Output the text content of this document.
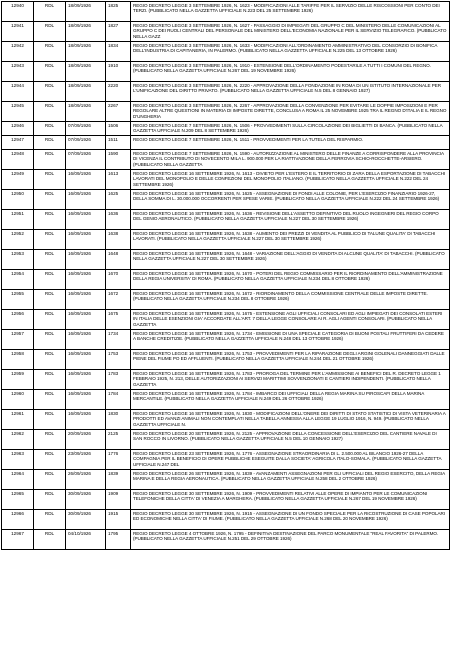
12940	RDL	18/09/1926	1825	REGIO DECRETO LEGGE 3 SETTEMBRE 1926, N. 1623 - MODIFICAZIONI ALLE TARIFFE PER IL SERVIZIO DELLE RISCOSSIONI PER CONTO DEI TERZI. (PUBBLICATO NELLA GAZZETTA UFFICIALE N.223 DEL 25 SETTEMBRE 1926)
12941	RDL	18/09/1926	1827	REGIO DECRETO LEGGE 3 SETTEMBRE 1926, N. 1627 - PASSAGGIO DI IMPIEGATI DEL GRUPPO C DEL MINISTERO DELLE COMUNICAZIONI AL GRUPPO C DEI RUOLI CENTRALI DEL PERSONALE DEL MINISTERO DELL'ECONOMIA NAZIONALE PER IL SERVIZIO TELEGRAFICO. (PUBBLICATO NELLA GAZZ
12942	RDL	18/09/1926	1834	REGIO DECRETO LEGGE 3 SETTEMBRE 1926, N. 1633 - MODIFICAZIONI ALL'ORDINAMENTO AMMINISTRATIVO DEL CONSORZIO DI BONIFICA DELL'INDUSTRIA DI CAPITANERIA, IN PALERMO. (PUBBLICATO NELLA GAZZETTA UFFICIALE N.225 DEL 13 OTTOBRE 1926)
12943	RDL	18/09/1926	1910	REGIO DECRETO LEGGE 3 SETTEMBRE 1926, N. 1910 - ESTENSIONE DELL'ORDINAMENTO PODESTARILE A TUTTI I COMUNI DEL REGNO. (PUBBLICATO NELLA GAZZETTA UFFICIALE N.267 DEL 19 NOVEMBRE 1926)
12944	RDL	18/09/1926	2220	REGIO DECRETO LEGGE 3 SETTEMBRE 1926, N. 2220 - APPROVAZIONE DELLA FONDAZIONE IN ROMA DI UN ISTITUTO INTERNAZIONALE PER L'UNIFICAZIONE DEL DIRITTO PRIVATO. (PUBBLICATO NELLA GAZZETTA UFFICIALE N.5 DEL 8 GENNAIO 1927)
12945	RDL	18/09/1926	2267	REGIO DECRETO LEGGE 3 SETTEMBRE 1926, N. 2267 - APPROVAZIONE DELLA CONVENZIONE PER EVITARE LE DOPPIE IMPOSIZIONI E PER REGOLARE ALTRE QUESTIONI IN MATERIA DI IMPOSTE DIRETTE, CONCLUSA A ROMA IL 25 NOVEMBRE 1925 TRA IL REGNO D'ITALIA E IL REGNO D'UNGHERIA
12946	RDL	07/09/1926	1506	REGIO DECRETO LEGGE 7 SETTEMBRE 1926, N. 1506 - PROVVEDIMENTI SULLA CIRCOLAZIONE DEI BIGLIETTI DI BANCA. (PUBBLICATO NELLA GAZZETTA UFFICIALE N.209 DEL 8 SETTEMBRE 1926)
12947	RDL	07/09/1926	1511	REGIO DECRETO LEGGE 7 SETTEMBRE 1926, N. 1511 - PROVVEDIMENTI PER LA TUTELA DEL RISPARMIO.
12948	RDL	07/09/1926	1590	REGIO DECRETO LEGGE 7 SETTEMBRE 1926, N. 1590 - AUTORIZZAZIONE AL MINISTERO DELLE FINANZE A CORRISPONDERE ALLA PROVINCIA DI VICENZA IL CONTRIBUTO DI NOVECENTO MILA L. 900.000 PER LA RIATTIVAZIONE DELLA FERROVIA SCHIO-ROCCHETTE-ARSIERO. (PUBBLICATO NELLA GAZZETTA
12949	RDL	16/09/1926	1613	REGIO DECRETO LEGGE 16 SETTEMBRE 1926, N. 1613 - DIVIETO PER L'ESTERO E IL TERRITORIO DI ZARA DELLA ESPORTAZIONE DI TABACCHI LAVORATI DEL MONOPOLIO E DELLE CONFEZIONI DEL MONOPOLIO ITALIANO. (PUBBLICATO NELLA GAZZETTA UFFICIALE N.222 DEL 24 SETTEMBRE 1926)
12950	RDL	16/09/1926	1625	REGIO DECRETO LEGGE 16 SETTEMBRE 1926, N. 1625 - ASSEGNAZIONE DI FONDI ALLE COLONIE, PER L'ESERCIZIO FINANZIARIO 1926-27, DELLA SOMMA DI L. 30.000.000 OCCORRENTI PER SPESE VARIE. (PUBBLICATO NELLA GAZZETTA UFFICIALE N.222 DEL 24 SETTEMBRE 1926)
12951	RDL	16/09/1926	1636	REGIO DECRETO LEGGE 16 SETTEMBRE 1926, N. 1636 - REVISIONE DELL'ASSETTO DEFINITIVO DEL RUOLO INGEGNERI DEL REGIO CORPO DEL GENIO AERONAUTICO. (PUBBLICATO NELLA GAZZETTA UFFICIALE N.227 DEL 30 SETTEMBRE 1926)
12952	RDL	16/09/1926	1638	REGIO DECRETO LEGGE 16 SETTEMBRE 1926, N. 1638 - AUMENTO DEI PREZZI DI VENDITA AL PUBBLICO DI TALUNE QUALITA' DI TABACCHI LAVORATI. (PUBBLICATO NELLA GAZZETTA UFFICIALE N.227 DEL 30 SETTEMBRE 1926)
12953	RDL	16/09/1926	1648	REGIO DECRETO LEGGE 16 SETTEMBRE 1926, N. 1648 - VARIAZIONE DELL'AGGIO DI VENDITA DI ALCUNE QUALITA' DI TABACCHI. (PUBBLICATO NELLA GAZZETTA UFFICIALE N.227 DEL 30 SETTEMBRE 1926)
12954	RDL	16/09/1926	1670	REGIO DECRETO LEGGE 16 SETTEMBRE 1926, N. 1670 - POTERI DEL REGIO COMMISSARIO PER IL RIORDINAMENTO DELL'AMMINISTRAZIONE DELLA REGIA UNIVERSITA' DI ROMA. (PUBBLICATO NELLA GAZZETTA UFFICIALE N.234 DEL 8 OTTOBRE 1926)
12955	RDL	16/09/1926	1672	REGIO DECRETO LEGGE 16 SETTEMBRE 1926, N. 1672 - RIORDINAMENTO DELLA COMMISSIONE CENTRALE DELLE IMPOSTE DIRETTE. (PUBBLICATO NELLA GAZZETTA UFFICIALE N.234 DEL 8 OTTOBRE 1926)
12956	RDL	16/09/1926	1675	REGIO DECRETO LEGGE 16 SETTEMBRE 1926, N. 1675 - ESTENSIONE AGLI UFFICIALI CONSOLARI ED AGLI IMPIEGATI DEI CONSOLATI ESTERI IN ITALIA DELLE ESENZIONI GIA' ACCORDATE ALL'ART. 7 DELLA LEGGE CONSOLARE AI R. AGLI AGENTI CONSOLARI. (PUBBLICATO NELLA GAZZETTA
12957	RDL	16/09/1926	1734	REGIO DECRETO LEGGE 16 SETTEMBRE 1926, N. 1734 - EMISSIONE DI UNA SPECIALE CATEGORIA DI BUONI POSTALI FRUTTIFERI DA CEDERE A BANCHE CREDITIZIE. (PUBBLICATO NELLA GAZZETTA UFFICIALE N.248 DEL 13 OTTOBRE 1926)
12958	RDL	16/09/1926	1753	REGIO DECRETO LEGGE 16 SETTEMBRE 1926, N. 1753 - PROVVEDIMENTI PER LA RIPARAZIONE DEGLI ARGINI GOLENALI DANNEGGIATI DALLE PIENE DEL FIUME PO ED AFFLUENTI. (PUBBLICATO NELLA GAZZETTA UFFICIALE N.244 DEL 21 OTTOBRE 1926)
12959	RDL	16/09/1926	1783	REGIO DECRETO LEGGE 16 SETTEMBRE 1926, N. 1783 - PROROGA DEL TERMINE PER L'AMMISSIONE AI BENEFICI DEL R. DECRETO LEGGE 1 FEBBRAIO 1925, N. 213, DELLE AUTORIZZAZIONI AI SERVIZI MARITTIMI SOVVENZIONATI E CANTIERI INDIPENDENTI. (PUBBLICATO NELLA GAZZETTA
12960	RDL	16/09/1926	1784	REGIO DECRETO LEGGE 16 SETTEMBRE 1926, N. 1784 - IMBARCO DEI UFFICIALI DELLA REGIA MARINA SU PIROSCAFI DELLA MARINA MERCANTILE. (PUBBLICATO NELLA GAZZETTA UFFICIALE N.249 DEL 26 OTTOBRE 1926)
12961	RDL	16/09/1926	1830	REGIO DECRETO LEGGE 16 SETTEMBRE 1926, N. 1830 - MODIFICAZIONI DELL'ONERE DEI DIRITTI DI STATO STATISTICI DI VISTA VETERINARIA A PRODOTTI ED AVANZI ANIMALI NON CONTEMPLATI NELLA TABELLA ANNESSA ALLA LEGGE 19 LUGLIO 1916, N. 949. (PUBBLICATO NELLA GAZZETTA UFFICIALE N.
12962	RDL	20/09/1926	2125	REGIO DECRETO LEGGE 20 SETTEMBRE 1926, N. 2125 - APPROVAZIONE DELLA CONCESSIONE DELL'ESERCIZIO DEL CANTIERE NAVALE DI SAN ROCCO IN LIVORNO. (PUBBLICATO NELLA GAZZETTA UFFICIALE N.5 DEL 10 GENNAIO 1927)
12963	RDL	23/09/1926	1776	REGIO DECRETO LEGGE 23 SETTEMBRE 1926, N. 1776 - ASSEGNAZIONE STRAORDINARIA DI L. 2.500.000 AL BILANCIO 1926-27 DELLA COMPAGNIA PER IL BENEFICIO DI OPERE PUBBLICHE ESEGUITE DALLA SOCIETA' AGRICOLA ITALO-SOMALA. (PUBBLICATO NELLA GAZZETTA UFFICIALE N.247 DEL
12964	RDL	26/09/1926	1839	REGIO DECRETO LEGGE 26 SETTEMBRE 1926, N. 1839 - AVANZAMENTI ASSEGNAZIONI PER GLI UFFICIALI DEL REGIO ESERCITO, DELLA REGIA MARINA E DELLA REGIA AERONAUTICA. (PUBBLICATO NELLA GAZZETTA UFFICIALE N.258 DEL 2 OTTOBRE 1926)
12965	RDL	30/09/1926	1909	REGIO DECRETO LEGGE 30 SETTEMBRE 1926, N. 1909 - PROVVEDIMENTI RELATIVI ALLE OPERE DI IMPIANTO PER LE COMUNICAZIONI TELEFONICHE DELLA CITTA' DI VENEZIA A MARGHERA. (PUBBLICATO NELLA GAZZETTA UFFICIALE N.267 DEL 19 NOVEMBRE 1926)
12966	RDL	30/09/1926	1915	REGIO DECRETO LEGGE 30 SETTEMBRE 1926, N. 1915 - ASSEGNAZIONE DI UN FONDO SPECIALE PER LA RICOSTRUZIONE DI CASE POPOLARI ED ECONOMICHE NELLA CITTA' DI FIUME. (PUBBLICATO NELLA GAZZETTA UFFICIALE N.268 DEL 20 NOVEMBRE 1926)
12967	RDL	04/10/1926	1795	REGIO DECRETO LEGGE 4 OTTOBRE 1926, N. 1795 - DEFINITIVA DESTINAZIONE DEL PARCO MONUMENTALE "REAL FAVORITA" DI PALERMO. (PUBBLICATO NELLA GAZZETTA UFFICIALE N.251 DEL 29 OTTOBRE 1926)
